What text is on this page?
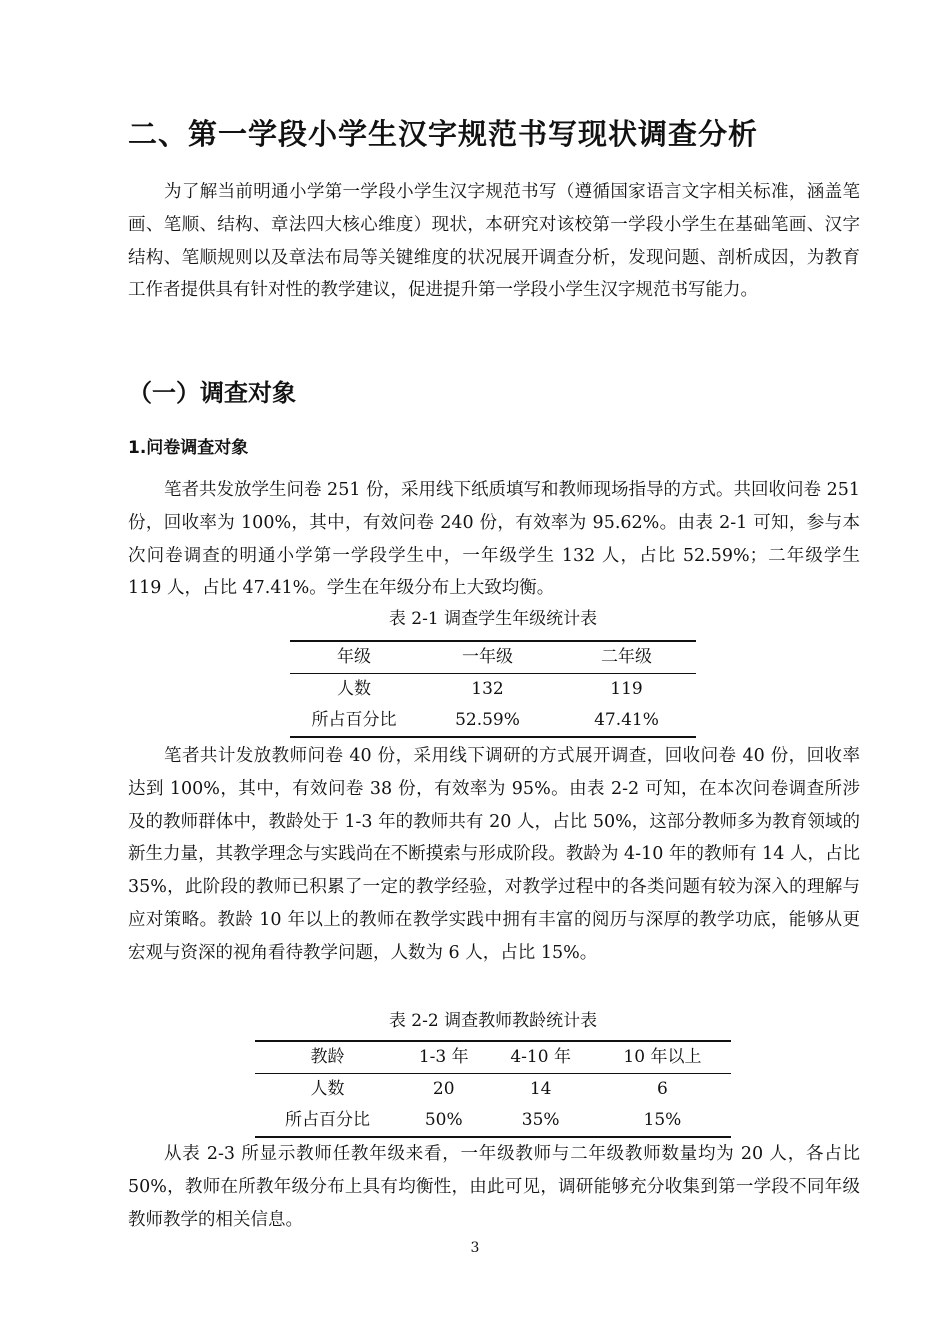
二、第一学段小学生汉字规范书写现状调查分析

为了解当前明通小学第一学段小学生汉字规范书写（遵循国家语言文字相关标准，涵盖笔画、笔顺、结构、章法四大核心维度）现状，本研究对该校第一学段小学生在基础笔画、汉字结构、笔顺规则以及章法布局等关键维度的状况展开调查分析，发现问题、剖析成因，为教育工作者提供具有针对性的教学建议，促进提升第一学段小学生汉字规范书写能力。

（一）调查对象
1.问卷调查对象

笔者共发放学生问卷 251 份，采用线下纸质填写和教师现场指导的方式。共回收问卷 251 份，回收率为 100%，其中，有效问卷 240 份，有效率为 95.62%。由表 2-1 可知，参与本次问卷调查的明通小学第一学段学生中，一年级学生 132 人，占比 52.59%；二年级学生 119 人，占比 47.41%。学生在年级分布上大致均衡。

表 2-1 调查学生年级统计表
年级	一年级	二年级
人数	132	119
所占百分比	52.59%	47.41%

笔者共计发放教师问卷 40 份，采用线下调研的方式展开调查，回收问卷 40 份，回收率达到 100%，其中，有效问卷 38 份，有效率为 95%。由表 2-2 可知，在本次问卷调查所涉及的教师群体中，教龄处于 1-3 年的教师共有 20 人，占比 50%，这部分教师多为教育领域的新生力量，其教学理念与实践尚在不断摸索与形成阶段。教龄为 4-10 年的教师有 14 人，占比 35%，此阶段的教师已积累了一定的教学经验，对教学过程中的各类问题有较为深入的理解与应对策略。教龄 10 年以上的教师在教学实践中拥有丰富的阅历与深厚的教学功底，能够从更宏观与资深的视角看待教学问题，人数为 6 人，占比 15%。

表 2-2 调查教师教龄统计表
教龄	1-3 年	4-10 年	10 年以上
人数	20	14	6
所占百分比	50%	35%	15%

从表 2-3 所显示教师任教年级来看，一年级教师与二年级教师数量均为 20 人，各占比 50%，教师在所教年级分布上具有均衡性，由此可见，调研能够充分收集到第一学段不同年级教师教学的相关信息。

3
